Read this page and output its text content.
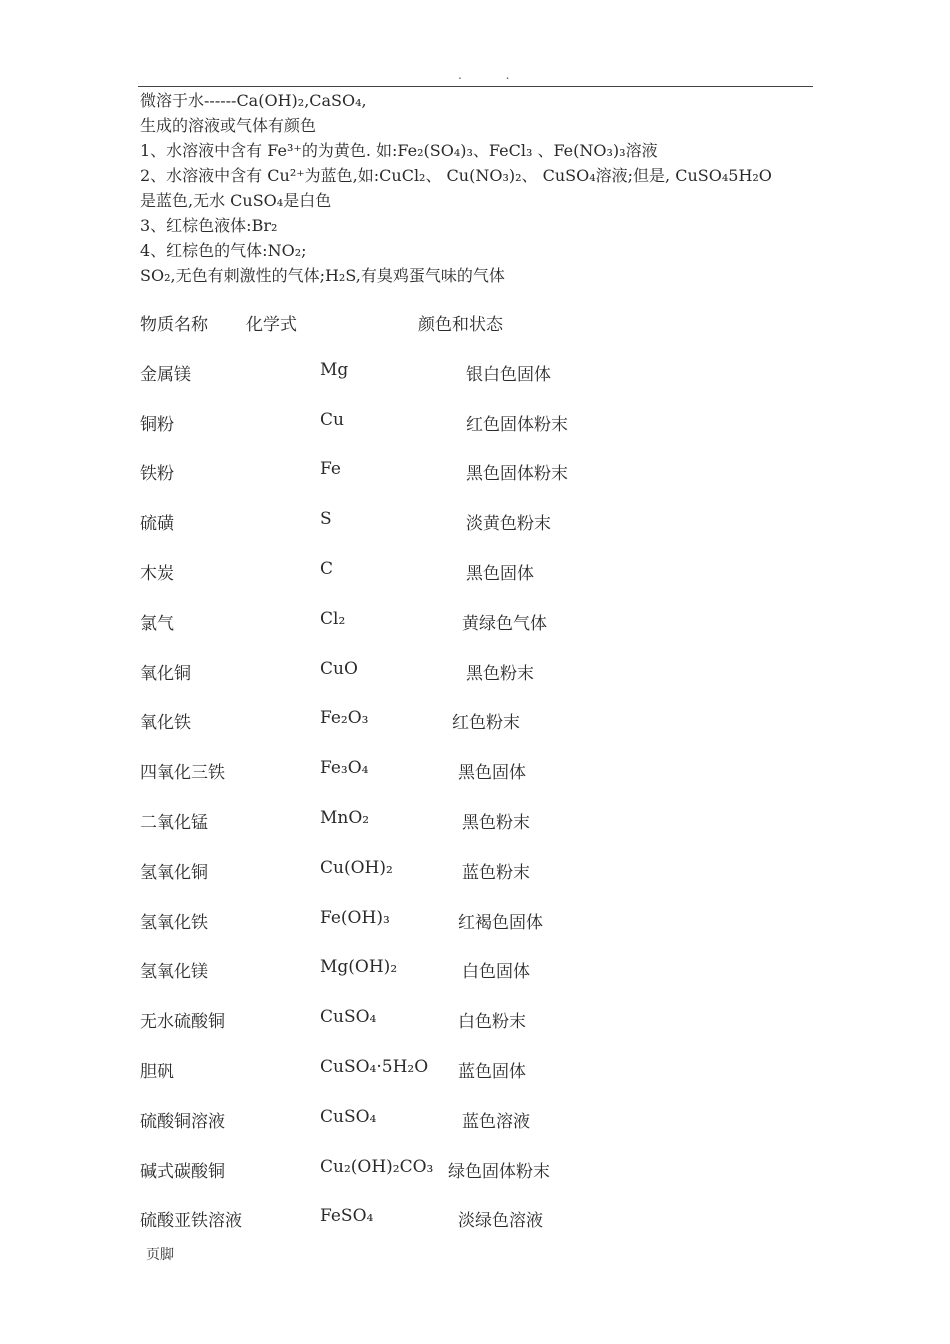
. .
微溶于水------Ca(OH)₂,CaSO₄,
生成的溶液或气体有颜色
1、水溶液中含有 Fe³⁺的为黄色. 如:Fe₂(SO₄)₃、FeCl₃ 、Fe(NO₃)₃溶液
2、水溶液中含有 Cu²⁺为蓝色,如:CuCl₂、 Cu(NO₃)₂、 CuSO₄溶液;但是, CuSO₄5H₂O
是蓝色,无水 CuSO₄是白色
3、红棕色液体:Br₂
4、红棕色的气体:NO₂;
SO₂,无色有刺激性的气体;H₂S,有臭鸡蛋气味的气体
物质名称 化学式	颜色和状态
金属镁	Mg	银白色固体
铜粉	Cu	红色固体粉末
铁粉	Fe	黑色固体粉末
硫磺	S	淡黄色粉末
木炭	C	黑色固体
氯气	Cl₂	黄绿色气体
氧化铜	CuO	黑色粉末
氧化铁	Fe₂O₃	红色粉末
四氧化三铁	Fe₃O₄	黑色固体
二氧化锰	MnO₂	黑色粉末
氢氧化铜	Cu(OH)₂	蓝色粉末
氢氧化铁	Fe(OH)₃	红褐色固体
氢氧化镁	Mg(OH)₂	白色固体
无水硫酸铜	CuSO₄	白色粉末
胆矾	CuSO₄·5H₂O 蓝色固体
硫酸铜溶液	CuSO₄	蓝色溶液
碱式碳酸铜	Cu₂(OH)₂CO₃ 绿色固体粉末
硫酸亚铁溶液	FeSO₄	淡绿色溶液
页脚
